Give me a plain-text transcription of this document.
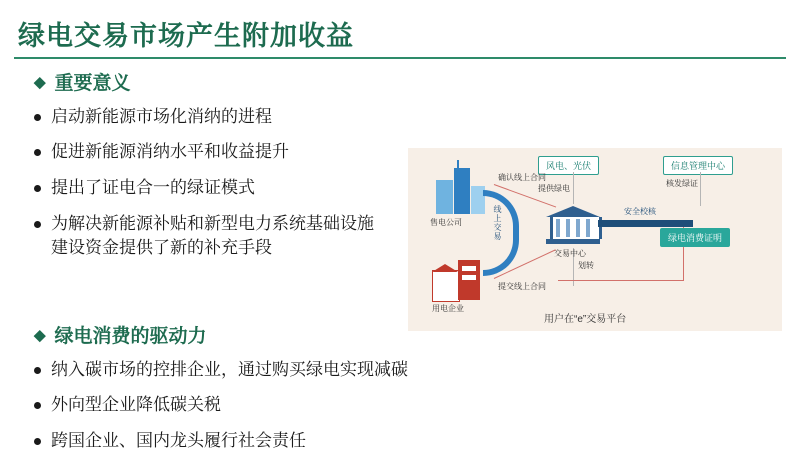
绿电交易市场产生附加收益
◆ 重要意义
启动新能源市场化消纳的进程
促进新能源消纳水平和收益提升
提出了证电合一的绿证模式
为解决新能源补贴和新型电力系统基础设施建设资金提供了新的补充手段
◆ 绿电消费的驱动力
纳入碳市场的控排企业，通过购买绿电实现减碳
外向型企业降低碳关税
跨国企业、国内龙头履行社会责任
风电、光伏	信息管理中心
售电公司
用电企业
线上交易
交易中心
确认线上合同
提交线上合同
提供绿电
划转
核发绿证
安全校核
绿电消费证明
用户在“e”交易平台
